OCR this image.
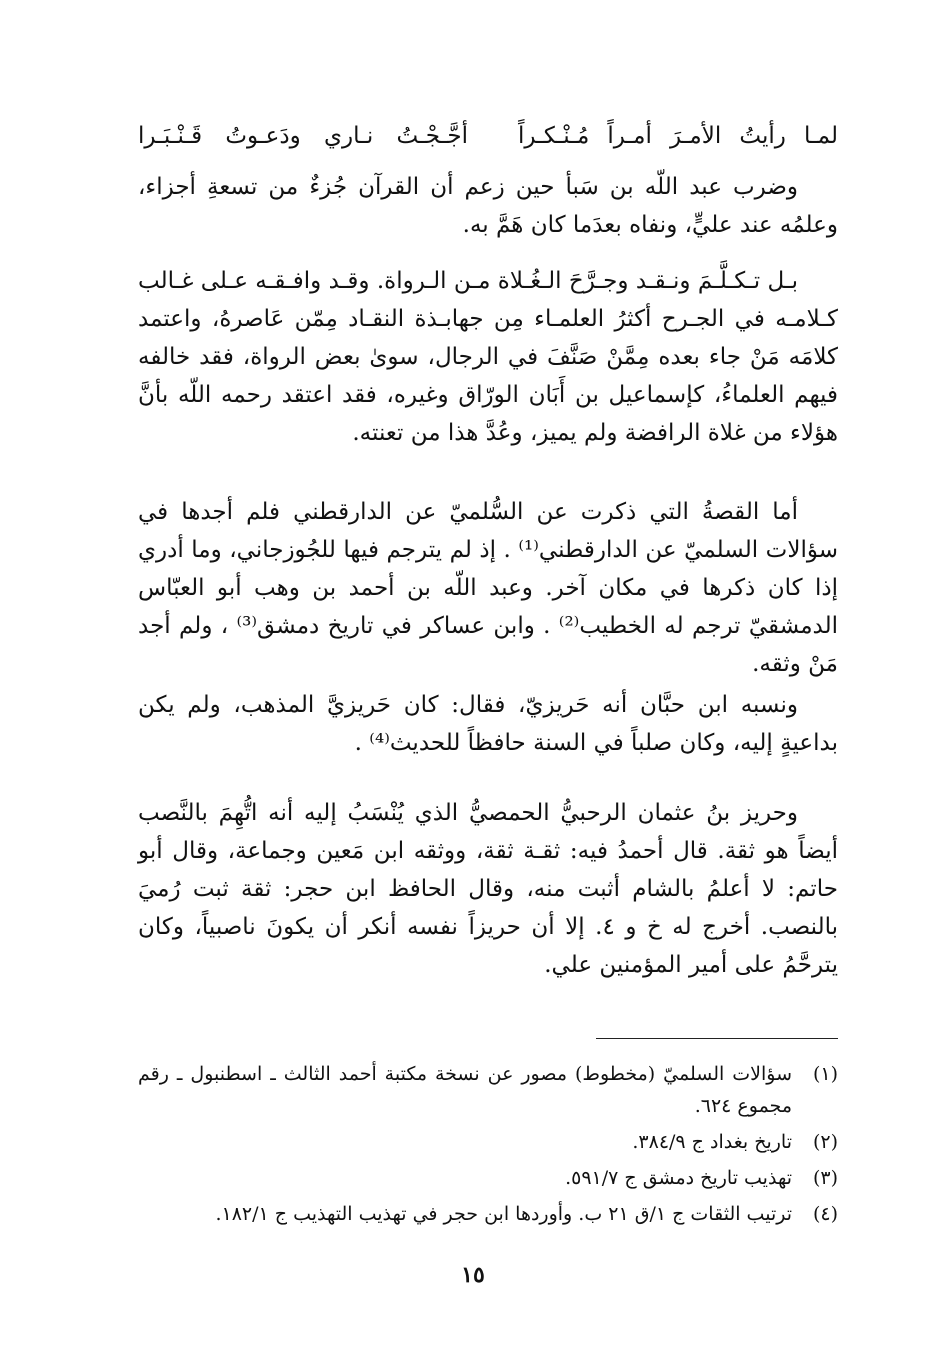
لمـا رأيتُ الأمـرَ أمـراً مُـنْـكـراً
أجَّـجْـتُ نـاري ودَعـوتُ قَـنْـبَـرا

وضرب عبد اللّه بن سَبأ حين زعم أن القرآن جُزءٌ من تسعةِ أجزاء، وعلمُه عند عليٍّ، ونفاه بعدَما كان هَمَّ به.

بـل تـكـلَّـمَ ونـقـد وجـرَّحَ الـغُـلاة مـن الـرواة. وقـد وافـقـه عـلى غـالب كـلامـه في الجـرح أكثرُ العلمـاء مِن جهابـذة النقـاد مِمّن عَاصرهُ، واعتمد كلامَه مَنْ جاء بعده مِمَّنْ صَنَّفَ في الرجال، سوىٰ بعض الرواة، فقد خالفه فيهم العلماءُ، كإسماعيل بن أَبَان الورّاق وغيره، فقد اعتقد رحمه اللّه بأنَّ هؤلاء من غلاة الرافضة ولم يميز، وعُدَّ هذا من تعنته.

أما القصةُ التي ذكرت عن السُّلميّ عن الدارقطني فلم أجدها في سؤالات السلميّ عن الدارقطني⁽¹⁾ . إذ لم يترجم فيها للجُوزجاني، وما أدري إذا كان ذكرها في مكان آخر. وعبد اللّه بن أحمد بن وهب أبو العبّاس الدمشقيّ ترجم له الخطيب⁽²⁾ . وابن عساكر في تاريخ دمشق⁽³⁾ ، ولم أجد مَنْ وثقه.

ونسبه ابن حبَّان أنه حَريزيّ، فقال: كان حَريزيَّ المذهب، ولم يكن بداعيةٍ إليه، وكان صلباً في السنة حافظاً للحديث⁽⁴⁾ .

وحريز بنُ عثمان الرحبيُّ الحمصيُّ الذي يُنْسَبُ إليه أنه اتُّهِمَ بالنَّصب أيضاً هو ثقة. قال أحمدُ فيه: ثقـة ثقة، ووثقه ابن مَعين وجماعة، وقال أبو حاتم: لا أعلمُ بالشام أثبت منه، وقال الحافظ ابن حجر: ثقة ثبت رُميَ بالنصب. أخرج له خ و ٤. إلا أن حريزاً نفسه أنكر أن يكونَ ناصبياً، وكان يترحَّمُ على أمير المؤمنين علي.

(١)
سؤالات السلميّ (مخطوط) مصور عن نسخة مكتبة أحمد الثالث ـ اسطنبول ـ رقم مجموع ٦٢٤.
(٢)
تاريخ بغداد ج ٣٨٤/٩.
(٣)
تهذيب تاريخ دمشق ج ٥٩١/٧.
(٤)
ترتيب الثقات ج ١/ق ٢١ ب. وأوردها ابن حجر في تهذيب التهذيب ج ١٨٢/١.
١٥
